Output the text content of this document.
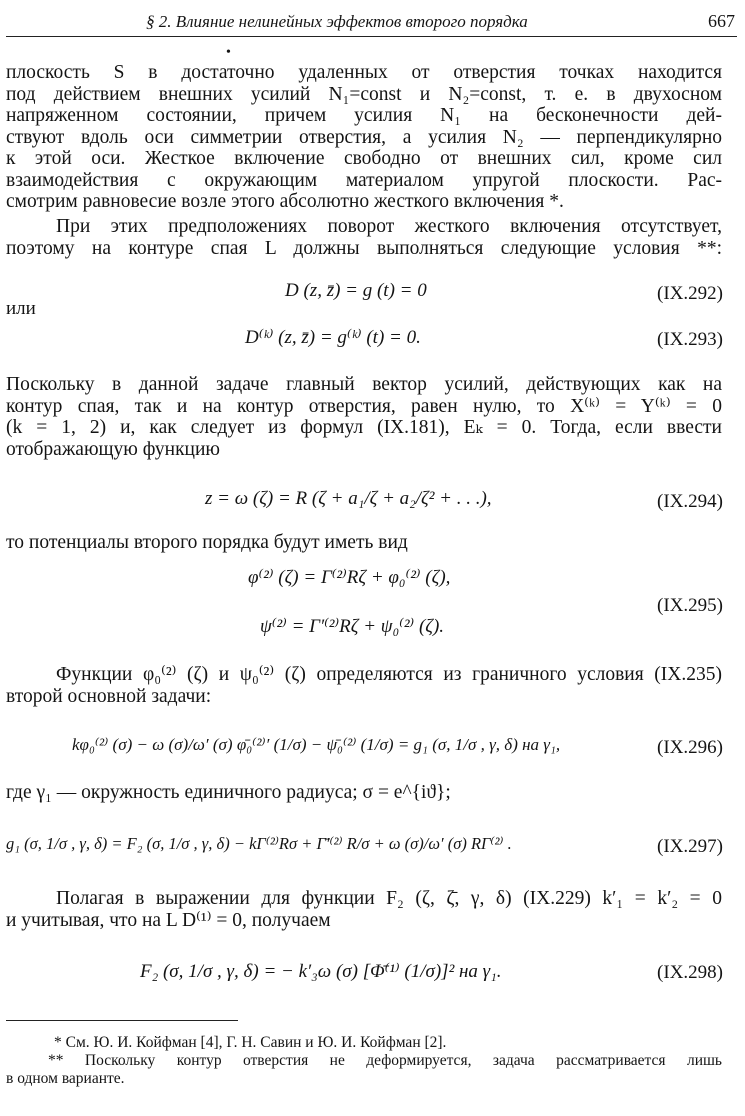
§ 2. Влияние нелинейных эффектов второго порядка	667
•
плоскость S в достаточно удаленных от отверстия точках находится
под действием внешних усилий N₁=const и N₂=const, т. е. в двухосном
напряженном состоянии, причем усилия N₁ на бесконечности дей-
ствуют вдоль оси симметрии отверстия, а усилия N₂ — перпендикулярно
к этой оси. Жесткое включение свободно от внешних сил, кроме сил
взаимодействия с окружающим материалом упругой плоскости. Рас-
смотрим равновесие возле этого абсолютно жесткого включения *.
При этих предположениях поворот жесткого включения отсутствует,
поэтому на контуре спая L должны выполняться следующие условия **:
D (z, z̄) = g (t) = 0	(IX.292)
или
D⁽ᵏ⁾ (z, z̄) = g⁽ᵏ⁾ (t) = 0.	(IX.293)
Поскольку в данной задаче главный вектор усилий, действующих как на
контур спая, так и на контур отверстия, равен нулю, то X⁽ᵏ⁾ = Y⁽ᵏ⁾ = 0
(k = 1, 2) и, как следует из формул (IX.181), Eₖ = 0. Тогда, если ввести
отображающую функцию
z = ω (ζ) = R (ζ + a₁/ζ + a₂/ζ² + . . .),	(IX.294)
то потенциалы второго порядка будут иметь вид
φ⁽²⁾ (ζ) = Γ⁽²⁾Rζ + φ₀⁽²⁾ (ζ),
ψ⁽²⁾ = Γ′⁽²⁾Rζ + ψ₀⁽²⁾ (ζ).
(IX.295)
Функции φ₀⁽²⁾ (ζ) и ψ₀⁽²⁾ (ζ) определяются из граничного условия (IX.235)
второй основной задачи:
kφ₀⁽²⁾ (σ) − ω (σ)/ω′ (σ) φ̄₀⁽²⁾′ (1/σ) − ψ̄₀⁽²⁾ (1/σ) = g₁ (σ, 1/σ , γ, δ) на γ₁,	(IX.296)
где γ₁ — окружность единичного радиуса; σ = e^{iϑ};
g₁ (σ, 1/σ , γ, δ) = F₂ (σ, 1/σ , γ, δ) − kΓ⁽²⁾Rσ + Γ̄′⁽²⁾ R/σ + ω (σ)/ω′ (σ) RΓ⁽²⁾ .	(IX.297)
Полагая в выражении для функции F₂ (ζ, ζ̄, γ, δ) (IX.229) k′₁ = k′₂ = 0
и учитывая, что на L D⁽¹⁾ = 0, получаем
F₂ (σ, 1/σ , γ, δ) = − k′₃ω (σ) [Φ̄⁽¹⁾ (1/σ)]² на γ₁.	(IX.298)
* См. Ю. И. Койфман [4], Г. Н. Савин и Ю. И. Койфман [2].
** Поскольку контур отверстия не деформируется, задача рассматривается лишь
в одном варианте.
